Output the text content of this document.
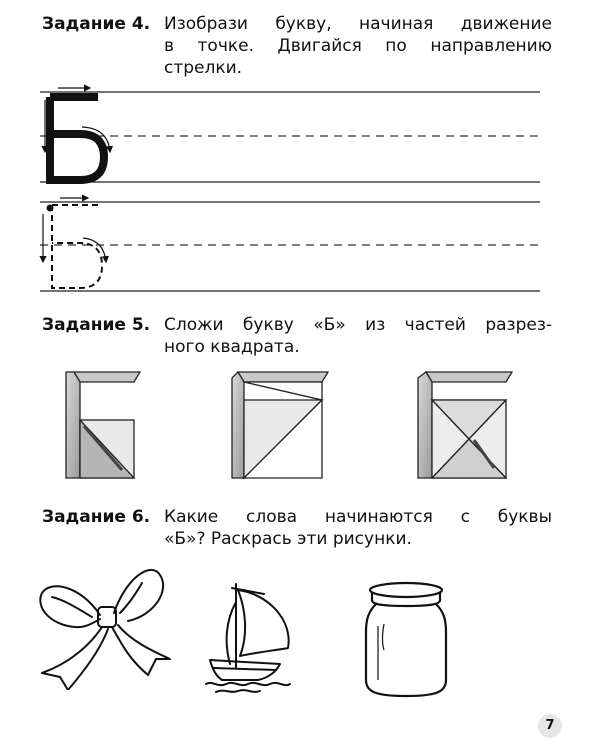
Задание 4. Изобрази букву, начиная движение
в точке. Двигайся по направлению
стрелки.
Задание 5. Сложи букву «Б» из частей разрез-
ного квадрата.
Задание 6. Какие слова начинаются с буквы
«Б»? Раскрась эти рисунки.
7
